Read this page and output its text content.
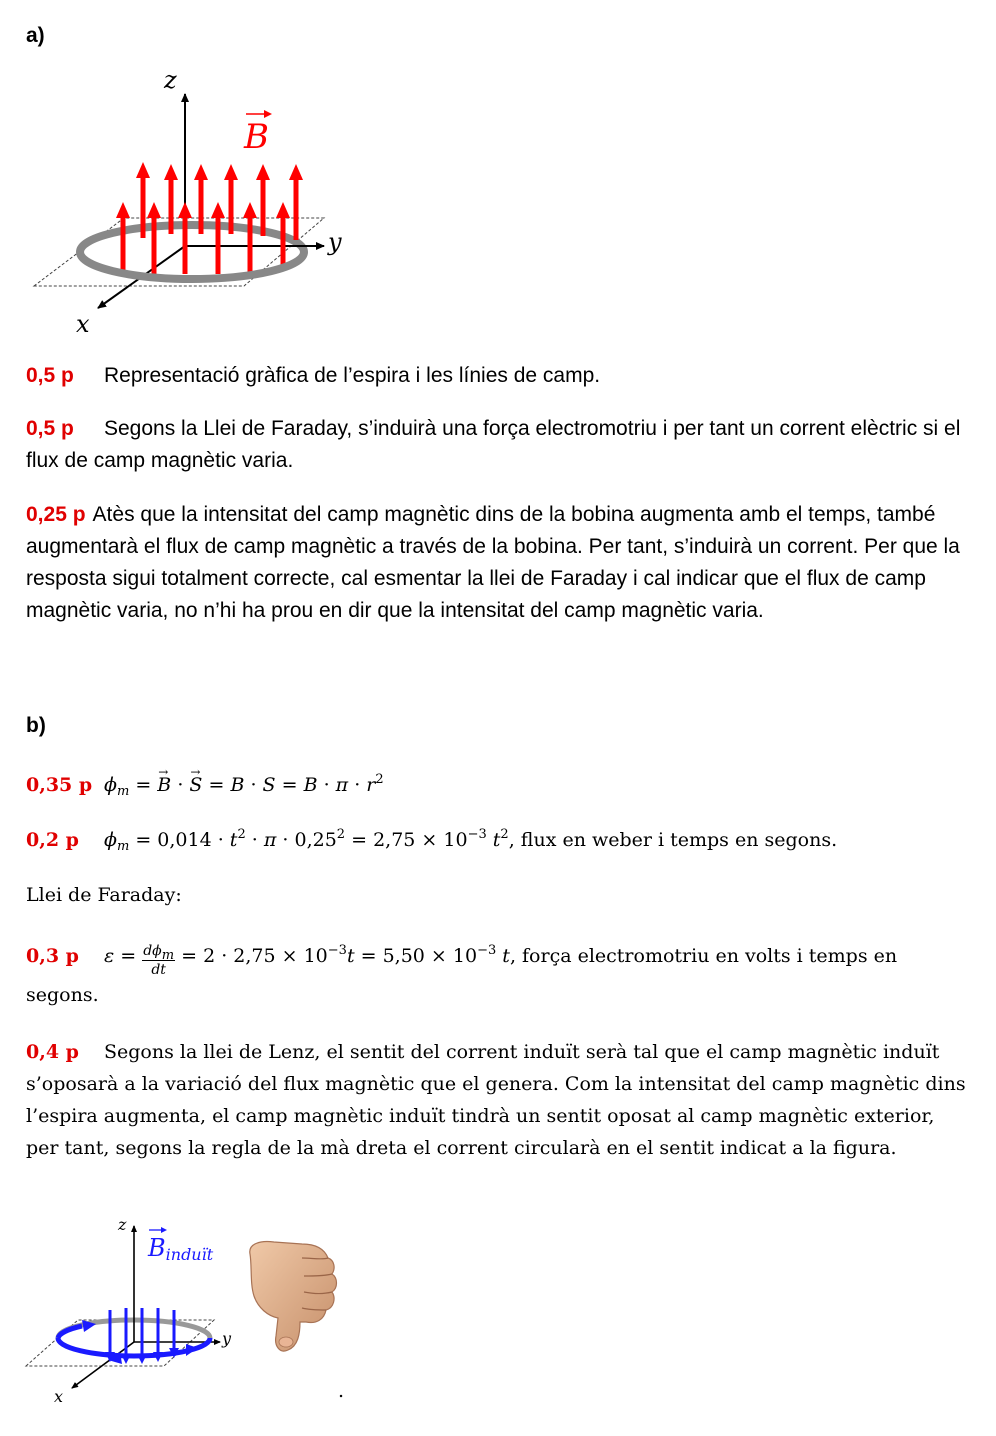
a)
z
y
x
B
0,5 p Representació gràfica de l’espira i les línies de camp.
0,5 p Segons la Llei de Faraday, s’induirà una força electromotriu i per tant un corrent elèctric si el flux de camp magnètic varia.
0,25 p Atès que la intensitat del camp magnètic dins de la bobina augmenta amb el temps, també augmentarà el flux de camp magnètic a través de la bobina. Per tant, s’induirà un corrent. Per que la resposta sigui totalment correcte, cal esmentar la llei de Faraday i cal indicar que el flux de camp magnètic varia, no n’hi ha prou en dir que la intensitat del camp magnètic varia.
b)
0,35 p $\phi_m$ = → B · → $S = B \cdot S = B \cdot \pi \cdot r^2$
0,2 p $\phi_m = 0,014 \cdot t^2 \cdot \pi \cdot 0,25^2 = 2,75 \times 10^{-3}$ $t^2$, flux en weber i temps en segons.
Llei de Faraday:
0,3 p $\varepsilon = \frac{d\phi_m}{dt} = 2 \cdot 2,75 \times 10^{-3}t = 5,50 \times 10^{-3}$ t, força electromotriu en volts i temps en segons.
0,4 p Segons la llei de Lenz, el sentit del corrent induït serà tal que el camp magnètic induït s’oposarà a la variació del flux magnètic que el genera. Com la intensitat del camp magnètic dins l’espira augmenta, el camp magnètic induït tindrà un sentit oposat al camp magnètic exterior, per tant, segons la regla de la mà dreta el corrent circularà en el sentit indicat a la figura.
z
y
x
Binduït
.
